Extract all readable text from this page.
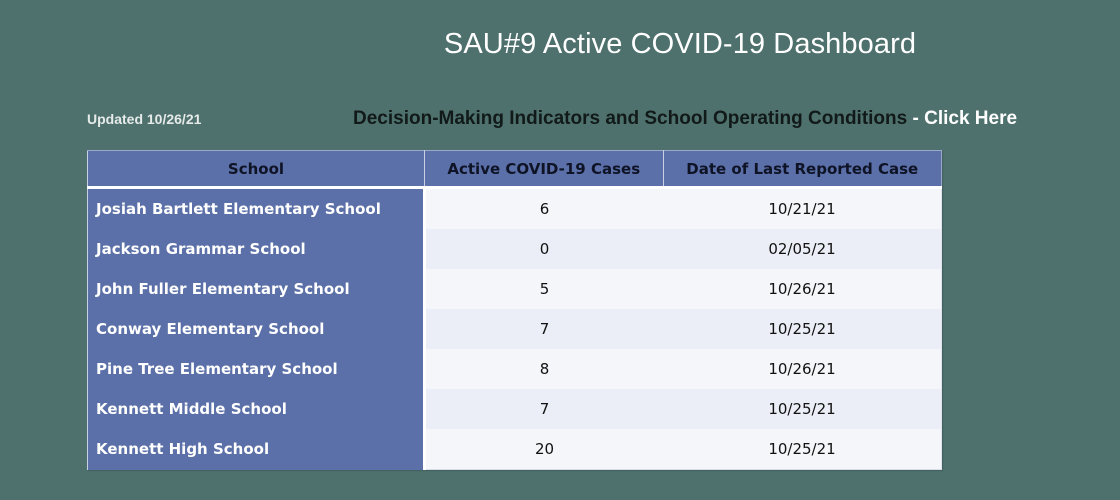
SAU#9 Active COVID-19 Dashboard
Updated 10/26/21	Decision-Making Indicators and School Operating Conditions - Click Here
School	Active COVID-19 Cases	Date of Last Reported Case
Josiah Bartlett Elementary School	6	10/21/21
Jackson Grammar School	0	02/05/21
John Fuller Elementary School	5	10/26/21
Conway Elementary School	7	10/25/21
Pine Tree Elementary School	8	10/26/21
Kennett Middle School	7	10/25/21
Kennett High School	20	10/25/21
